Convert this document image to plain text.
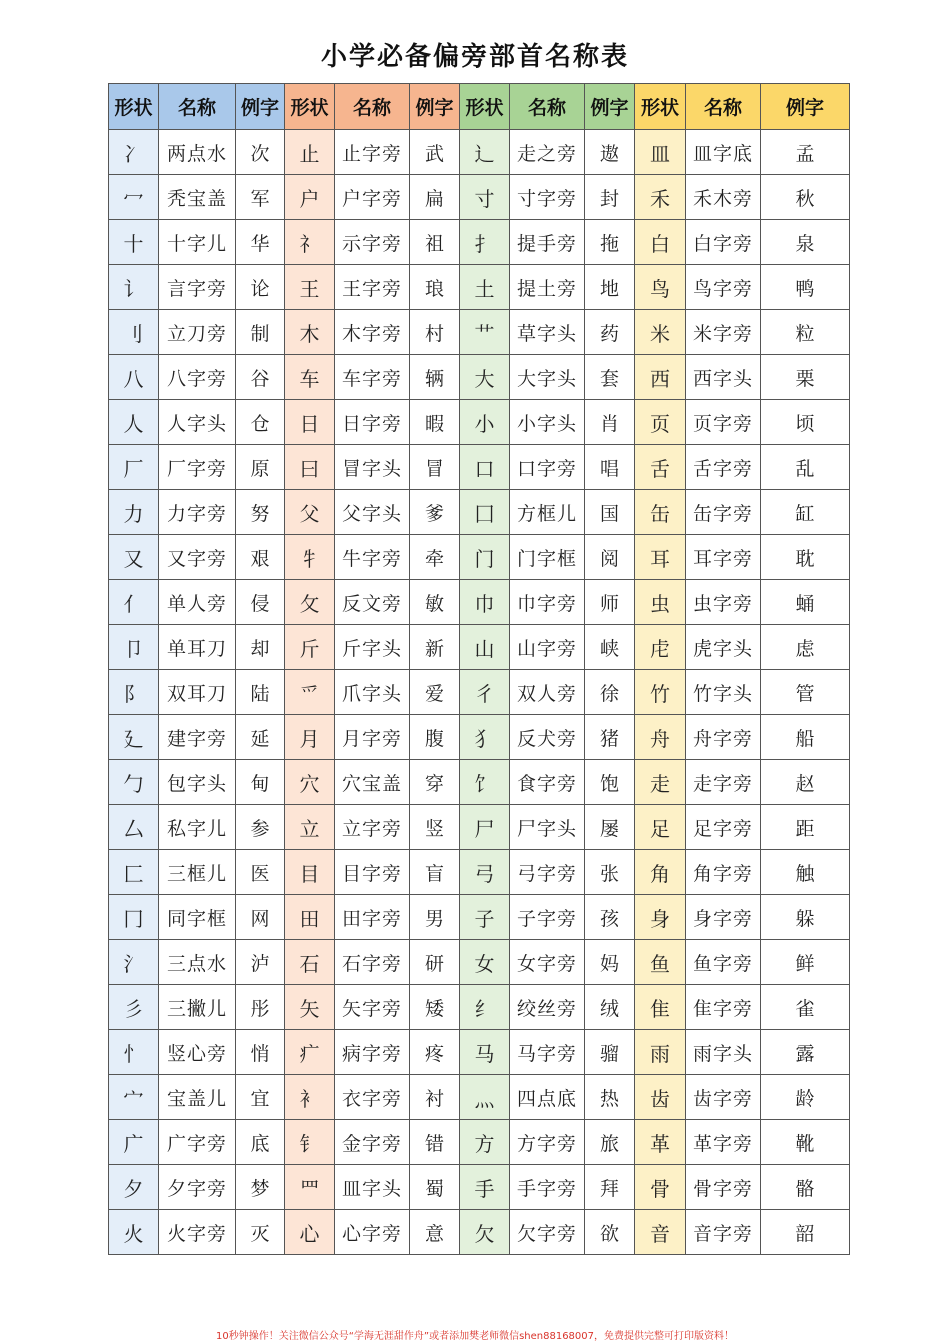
小学必备偏旁部首名称表
形状	名称	例字	形状	名称	例字	形状	名称	例字	形状	名称	例字
冫	两点水	次	止	止字旁	武	辶	走之旁	遨	皿	皿字底	孟
冖	秃宝盖	军	户	户字旁	扁	寸	寸字旁	封	禾	禾木旁	秋
十	十字儿	华	礻	示字旁	祖	扌	提手旁	拖	白	白字旁	泉
讠	言字旁	论	王	王字旁	琅	土	提土旁	地	鸟	鸟字旁	鸭
刂	立刀旁	制	木	木字旁	村	艹	草字头	药	米	米字旁	粒
八	八字旁	谷	车	车字旁	辆	大	大字头	套	西	西字头	栗
人	人字头	仓	日	日字旁	暇	小	小字头	肖	页	页字旁	顷
厂	厂字旁	原	曰	冒字头	冒	口	口字旁	唱	舌	舌字旁	乱
力	力字旁	努	父	父字头	爹	囗	方框儿	国	缶	缶字旁	缸
又	又字旁	艰	牜	牛字旁	牵	门	门字框	阅	耳	耳字旁	耽
亻	单人旁	侵	攵	反文旁	敏	巾	巾字旁	师	虫	虫字旁	蛹
卩	单耳刀	却	斤	斤字头	新	山	山字旁	峡	虍	虎字头	虑
阝	双耳刀	陆	爫	爪字头	爱	彳	双人旁	徐	竹	竹字头	管
廴	建字旁	延	月	月字旁	腹	犭	反犬旁	猪	舟	舟字旁	船
勹	包字头	甸	穴	穴宝盖	穿	饣	食字旁	饱	走	走字旁	赵
厶	私字儿	参	立	立字旁	竖	尸	尸字头	屡	足	足字旁	距
匚	三框儿	医	目	目字旁	盲	弓	弓字旁	张	角	角字旁	触
冂	同字框	网	田	田字旁	男	子	子字旁	孩	身	身字旁	躲
氵	三点水	泸	石	石字旁	研	女	女字旁	妈	鱼	鱼字旁	鲜
彡	三撇儿	彤	矢	矢字旁	矮	纟	绞丝旁	绒	隹	隹字旁	雀
忄	竖心旁	悄	疒	病字旁	疼	马	马字旁	骝	雨	雨字头	露
宀	宝盖儿	宜	衤	衣字旁	衬	灬	四点底	热	齿	齿字旁	龄
广	广字旁	底	钅	金字旁	错	方	方字旁	旅	革	革字旁	靴
夕	夕字旁	梦	罒	皿字头	蜀	手	手字旁	拜	骨	骨字旁	骼
火	火字旁	灭	心	心字旁	意	欠	欠字旁	欲	音	音字旁	韶
10秒钟操作！关注微信公众号“学海无涯甜作舟”或者添加樊老师微信shen88168007，免费提供完整可打印版资料！
